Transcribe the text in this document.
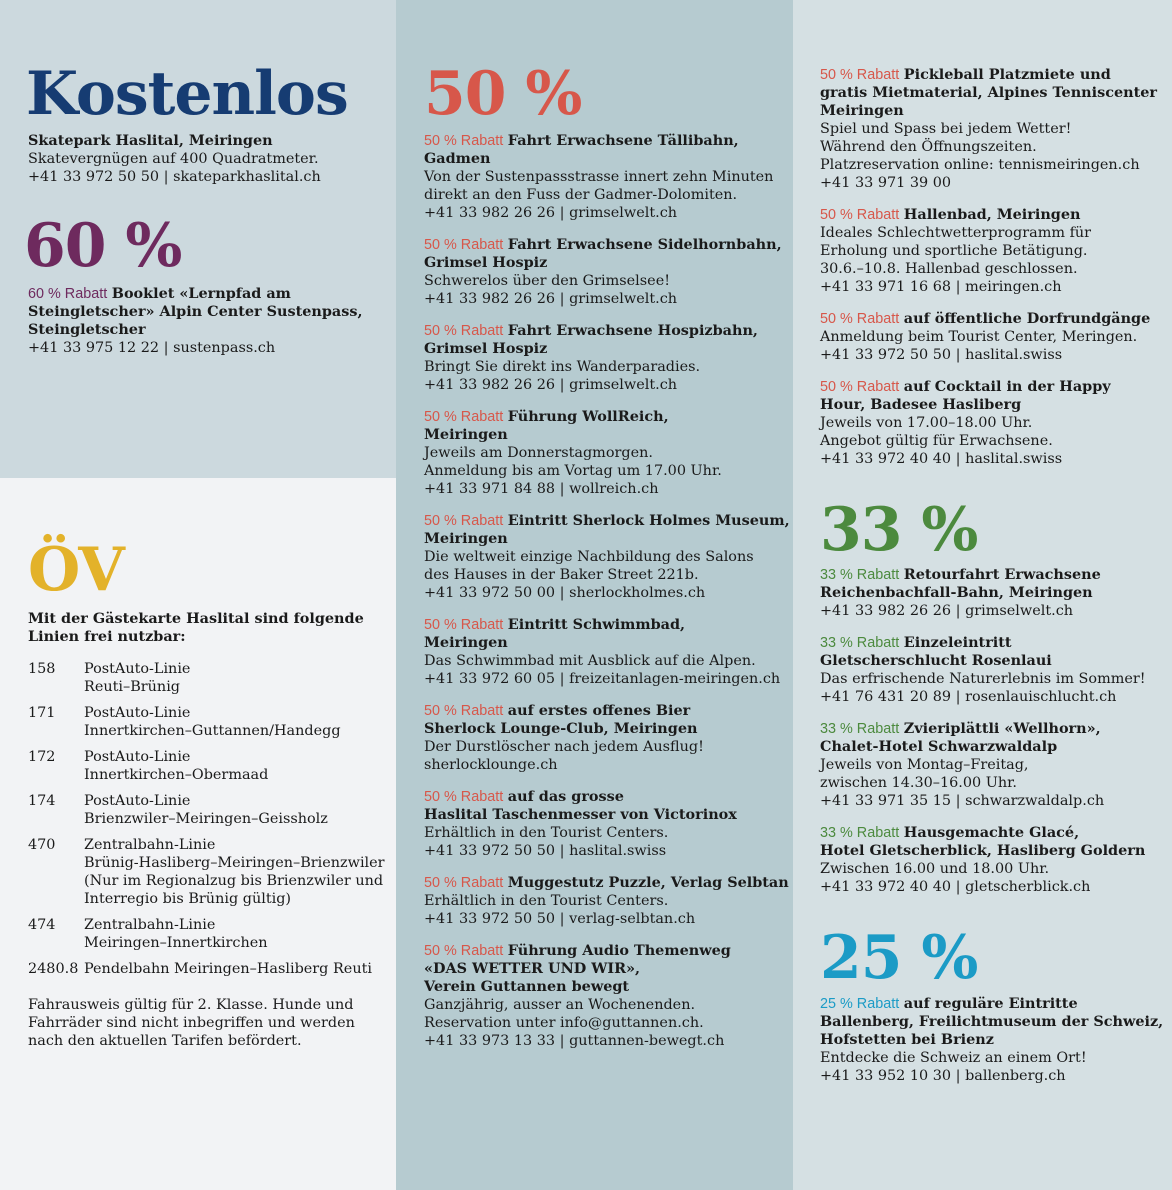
Kostenlos
Skatepark Haslital, Meiringen
Skatevergnügen auf 400 Quadratmeter.
+41 33 972 50 50 | skateparkhaslital.ch
60 %
60 % Rabatt Booklet «Lernpfad am
Steingletscher» Alpin Center Sustenpass,
Steingletscher
+41 33 975 12 22 | sustenpass.ch
ÖV
Mit der Gästekarte Haslital sind folgende
Linien frei nutzbar:
158	PostAuto-Linie
Reuti–Brünig
171	PostAuto-Linie
Innertkirchen–Guttannen/Handegg
172	PostAuto-Linie
Innertkirchen–Obermaad
174	PostAuto-Linie
Brienzwiler–Meiringen–Geissholz
470	Zentralbahn-Linie
Brünig-Hasliberg–Meiringen–Brienzwiler
(Nur im Regionalzug bis Brienzwiler und
Interregio bis Brünig gültig)
474	Zentralbahn-Linie
Meiringen–Innertkirchen
2480.8 Pendelbahn Meiringen–Hasliberg Reuti
Fahrausweis gültig für 2. Klasse. Hunde und
Fahrräder sind nicht inbegriffen und werden
nach den aktuellen Tarifen befördert.
50 %
50 % Rabatt Fahrt Erwachsene Tällibahn,
Gadmen
Von der Sustenpassstrasse innert zehn Minuten
direkt an den Fuss der Gadmer-Dolomiten.
+41 33 982 26 26 | grimselwelt.ch
50 % Rabatt Fahrt Erwachsene Sidelhornbahn,
Grimsel Hospiz
Schwerelos über den Grimselsee!
+41 33 982 26 26 | grimselwelt.ch
50 % Rabatt Fahrt Erwachsene Hospizbahn,
Grimsel Hospiz
Bringt Sie direkt ins Wanderparadies.
+41 33 982 26 26 | grimselwelt.ch
50 % Rabatt Führung WollReich,
Meiringen
Jeweils am Donnerstagmorgen.
Anmeldung bis am Vortag um 17.00 Uhr.
+41 33 971 84 88 | wollreich.ch
50 % Rabatt Eintritt Sherlock Holmes Museum,
Meiringen
Die weltweit einzige Nachbildung des Salons
des Hauses in der Baker Street 221b.
+41 33 972 50 00 | sherlockholmes.ch
50 % Rabatt Eintritt Schwimmbad,
Meiringen
Das Schwimmbad mit Ausblick auf die Alpen.
+41 33 972 60 05 | freizeitanlagen-meiringen.ch
50 % Rabatt auf erstes offenes Bier
Sherlock Lounge-Club, Meiringen
Der Durstlöscher nach jedem Ausflug!
sherlocklounge.ch
50 % Rabatt auf das grosse
Haslital Taschenmesser von Victorinox
Erhältlich in den Tourist Centers.
+41 33 972 50 50 | haslital.swiss
50 % Rabatt Muggestutz Puzzle, Verlag Selbtan
Erhältlich in den Tourist Centers.
+41 33 972 50 50 | verlag-selbtan.ch
50 % Rabatt Führung Audio Themenweg
«DAS WETTER UND WIR»,
Verein Guttannen bewegt
Ganzjährig, ausser an Wochenenden.
Reservation unter info@guttannen.ch.
+41 33 973 13 33 | guttannen-bewegt.ch
50 % Rabatt Pickleball Platzmiete und
gratis Mietmaterial, Alpines Tenniscenter
Meiringen
Spiel und Spass bei jedem Wetter!
Während den Öffnungszeiten.
Platzreservation online: tennismeiringen.ch
+41 33 971 39 00
50 % Rabatt Hallenbad, Meiringen
Ideales Schlechtwetterprogramm für
Erholung und sportliche Betätigung.
30.6.–10.8. Hallenbad geschlossen.
+41 33 971 16 68 | meiringen.ch
50 % Rabatt auf öffentliche Dorfrundgänge
Anmeldung beim Tourist Center, Meringen.
+41 33 972 50 50 | haslital.swiss
50 % Rabatt auf Cocktail in der Happy
Hour, Badesee Hasliberg
Jeweils von 17.00–18.00 Uhr.
Angebot gültig für Erwachsene.
+41 33 972 40 40 | haslital.swiss
33 %
33 % Rabatt Retourfahrt Erwachsene
Reichenbachfall-Bahn, Meiringen
+41 33 982 26 26 | grimselwelt.ch
33 % Rabatt Einzeleintritt
Gletscherschlucht Rosenlaui
Das erfrischende Naturerlebnis im Sommer!
+41 76 431 20 89 | rosenlauischlucht.ch
33 % Rabatt Zvieriplättli «Wellhorn»,
Chalet-Hotel Schwarzwaldalp
Jeweils von Montag–Freitag,
zwischen 14.30–16.00 Uhr.
+41 33 971 35 15 | schwarzwaldalp.ch
33 % Rabatt Hausgemachte Glacé,
Hotel Gletscherblick, Hasliberg Goldern
Zwischen 16.00 und 18.00 Uhr.
+41 33 972 40 40 | gletscherblick.ch
25 %
25 % Rabatt auf reguläre Eintritte
Ballenberg, Freilichtmuseum der Schweiz,
Hofstetten bei Brienz
Entdecke die Schweiz an einem Ort!
+41 33 952 10 30 | ballenberg.ch
